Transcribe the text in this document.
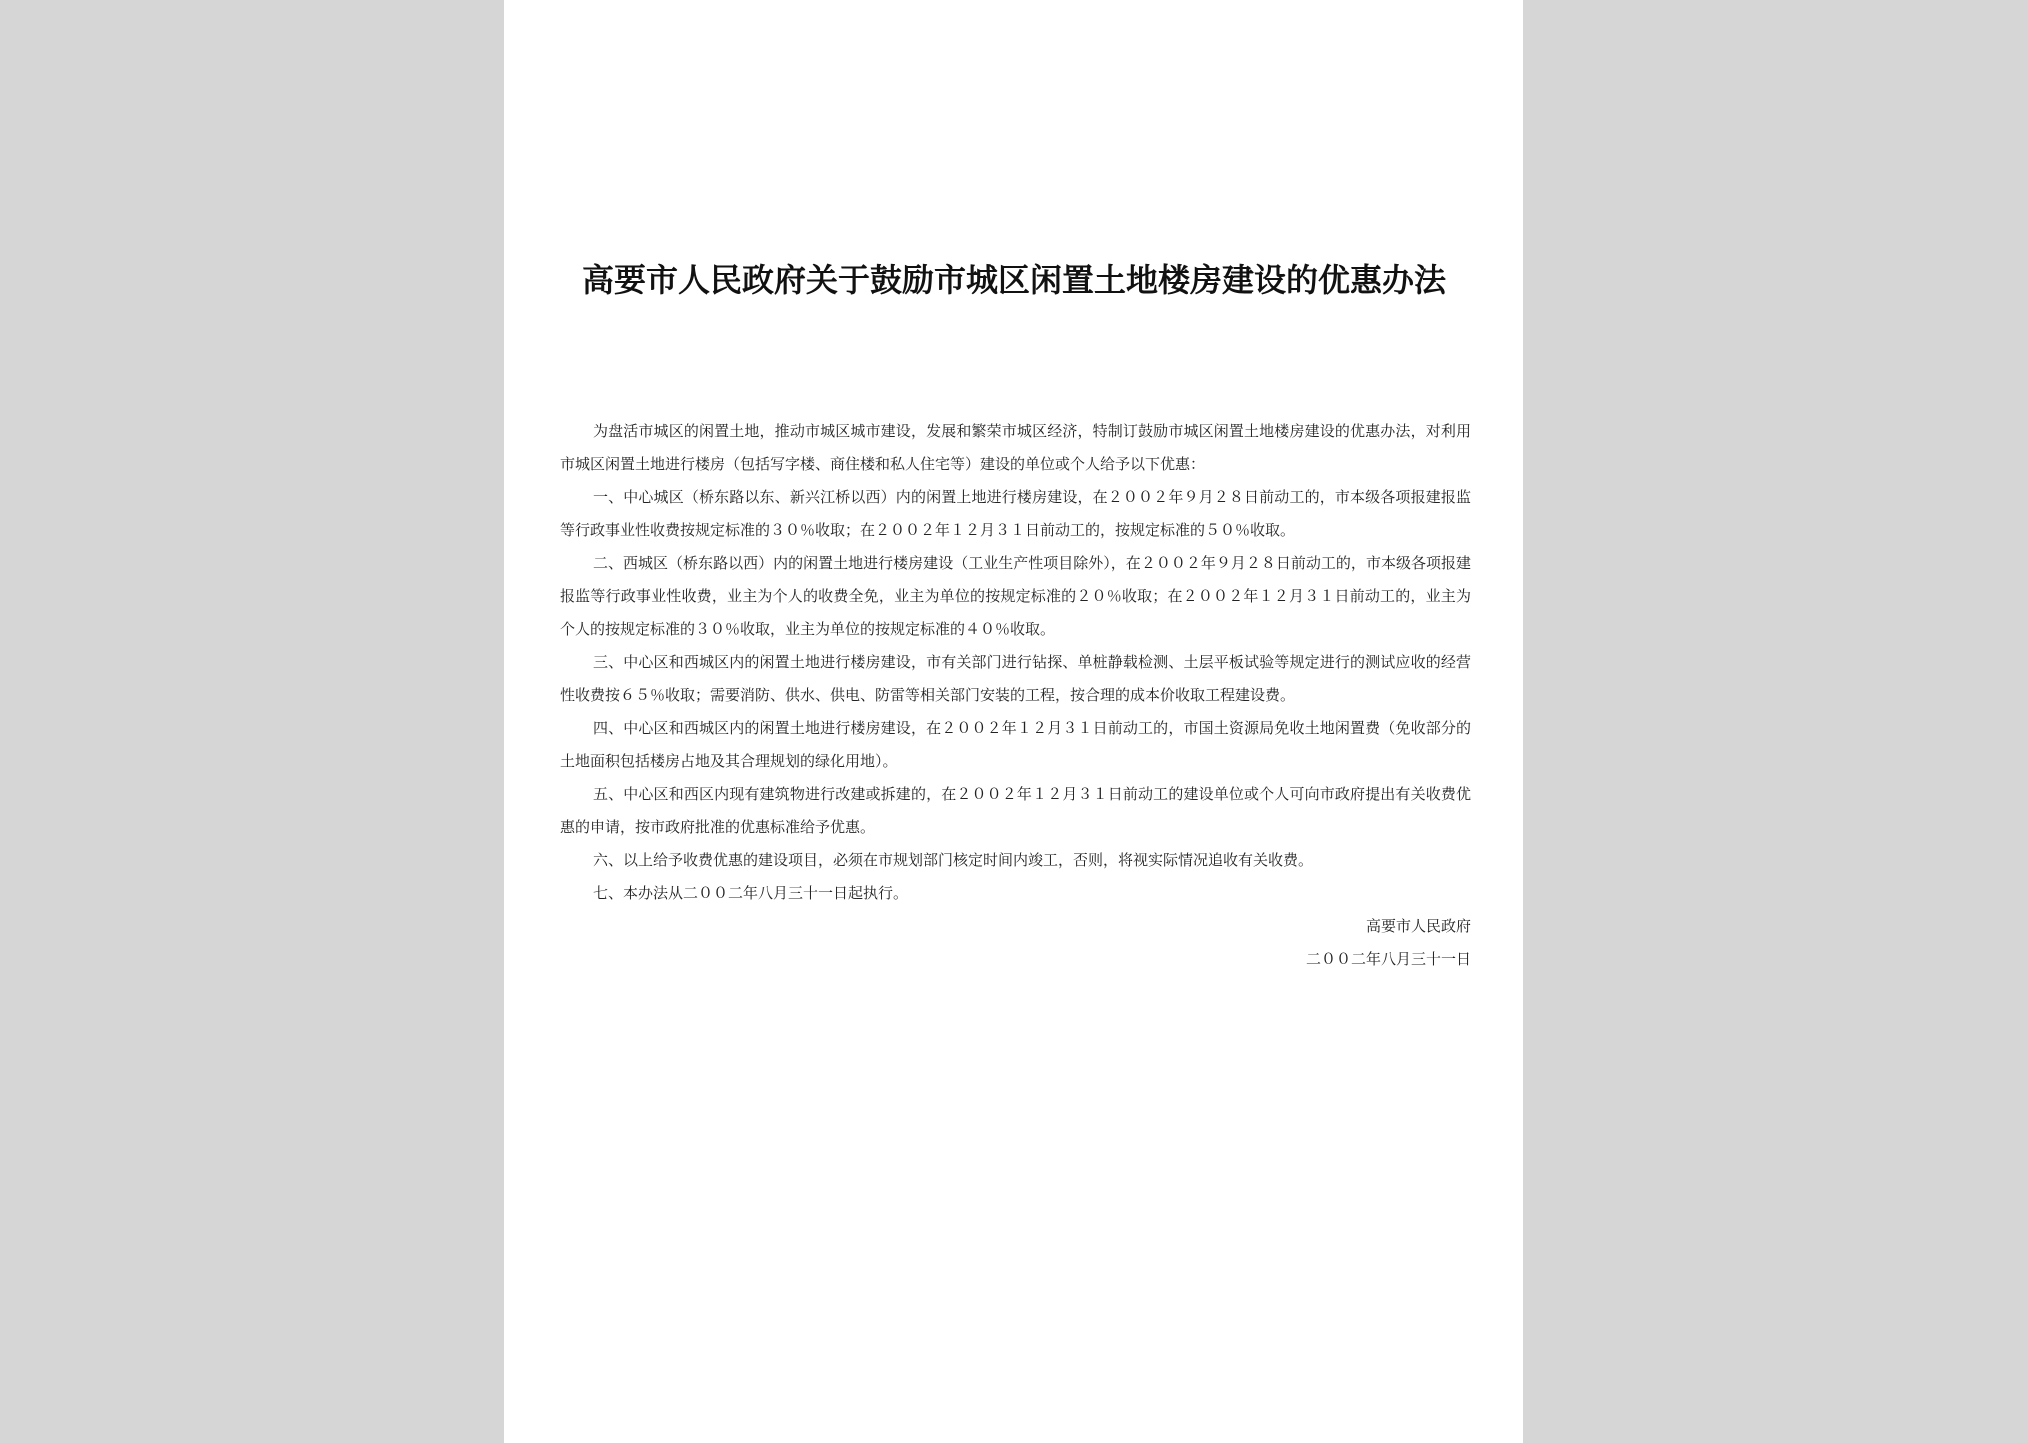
高要市人民政府关于鼓励市城区闲置土地楼房建设的优惠办法

为盘活市城区的闲置土地，推动市城区城市建设，发展和繁荣市城区经济，特制订鼓励市城区闲置土地楼房建设的优惠办法，对利用市城区闲置土地进行楼房（包括写字楼、商住楼和私人住宅等）建设的单位或个人给予以下优惠：

一、中心城区（桥东路以东、新兴江桥以西）内的闲置上地进行楼房建设，在２００２年９月２８日前动工的，市本级各项报建报监等行政事业性收费按规定标准的３０％收取；在２００２年１２月３１日前动工的，按规定标准的５０％收取。

二、西城区（桥东路以西）内的闲置土地进行楼房建设（工业生产性项目除外），在２００２年９月２８日前动工的，市本级各项报建报监等行政事业性收费，业主为个人的收费全免，业主为单位的按规定标准的２０％收取；在２００２年１２月３１日前动工的，业主为个人的按规定标准的３０％收取，业主为单位的按规定标准的４０％收取。

三、中心区和西城区内的闲置土地进行楼房建设，市有关部门进行钻探、单桩静载检测、土层平板试验等规定进行的测试应收的经营性收费按６５％收取；需要消防、供水、供电、防雷等相关部门安装的工程，按合理的成本价收取工程建设费。

四、中心区和西城区内的闲置土地进行楼房建设，在２００２年１２月３１日前动工的，市国土资源局免收土地闲置费（免收部分的土地面积包括楼房占地及其合理规划的绿化用地）。

五、中心区和西区内现有建筑物进行改建或拆建的，在２００２年１２月３１日前动工的建设单位或个人可向市政府提出有关收费优惠的申请，按市政府批准的优惠标准给予优惠。

六、以上给予收费优惠的建设项目，必须在市规划部门核定时间内竣工，否则，将视实际情况追收有关收费。

七、本办法从二００二年八月三十一日起执行。

高要市人民政府

二００二年八月三十一日
